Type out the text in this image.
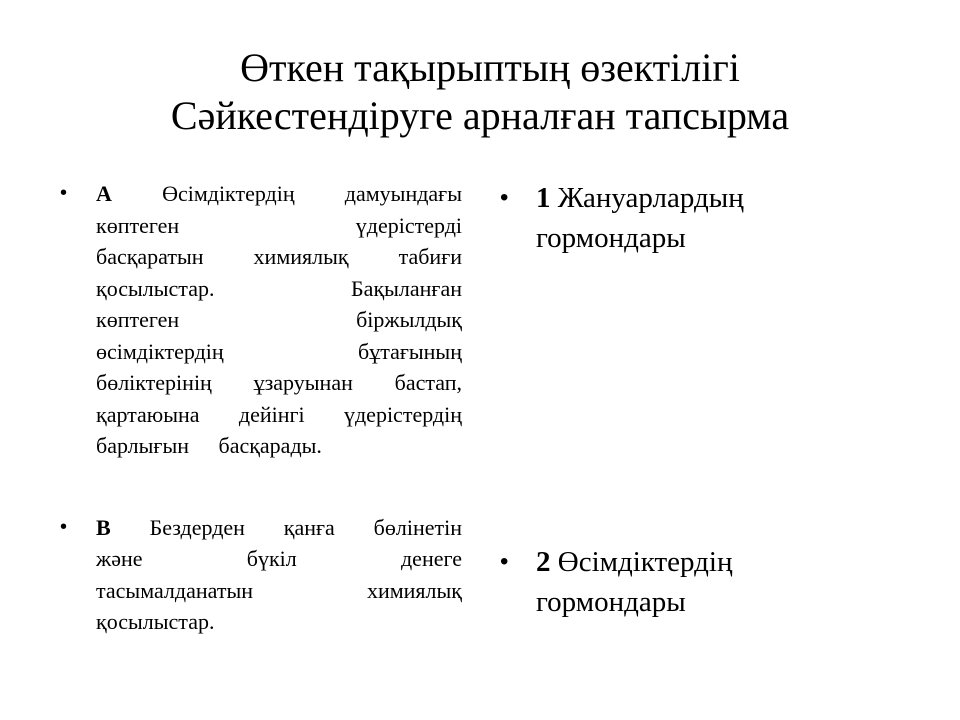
Өткен тақырыптың өзектілігі
Сәйкестендіруге арналған тапсырма
• A Өсімдіктердің дамуындағы
көптеген үдерістерді
басқаратын химиялық табиғи
қосылыстар. Бақыланған
көптеген біржылдық
өсімдіктердің бұтағының
бөліктерінің ұзаруынан бастап,
қартаюына дейінгі үдерістердің
барлығын басқарады.
• B Бездерден қанға бөлінетін
және бүкіл денеге
тасымалданатын химиялық
қосылыстар.
• 1 Жануарлардың
гормондары
• 2 Өсімдіктердің
гормондары
